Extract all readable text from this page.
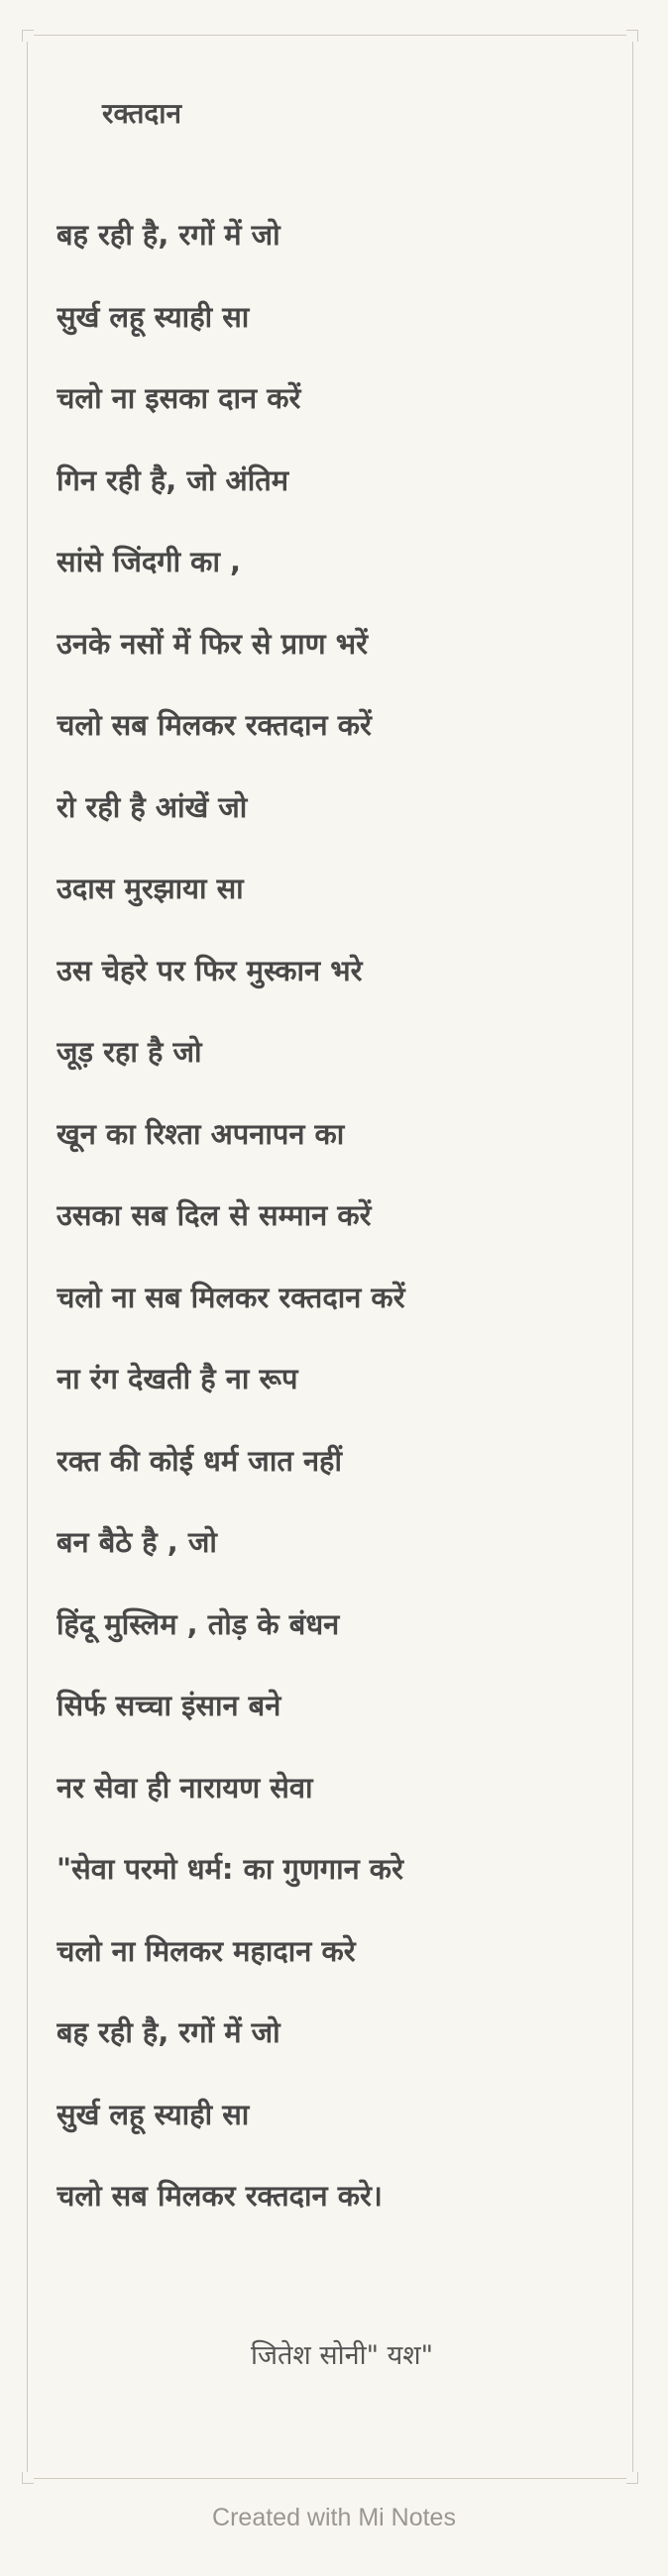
रक्तदान
बह रही है, रगों में जो
सुर्ख लहू स्याही सा
चलो ना इसका दान करें
गिन रही है, जो अंतिम
सांसे जिंदगी का ,
उनके नसों में फिर से प्राण भरें
चलो सब मिलकर रक्तदान करें
रो रही है आंखें जो
उदास मुरझाया सा
उस चेहरे पर फिर मुस्कान भरे
जूड़ रहा है जो
खून का रिश्ता अपनापन का
उसका सब दिल से सम्मान करें
चलो ना सब मिलकर रक्तदान करें
ना रंग देखती है ना रूप
रक्त की कोई धर्म जात नहीं
बन बैठे है , जो
हिंदू मुस्लिम , तोड़ के बंधन
सिर्फ सच्चा इंसान बने
नर सेवा ही नारायण सेवा
"सेवा परमो धर्म: का गुणगान करे
चलो ना मिलकर महादान करे
बह रही है, रगों में जो
सुर्ख लहू स्याही सा
चलो सब मिलकर रक्तदान करे।
जितेश सोनी" यश"
Created with Mi Notes
